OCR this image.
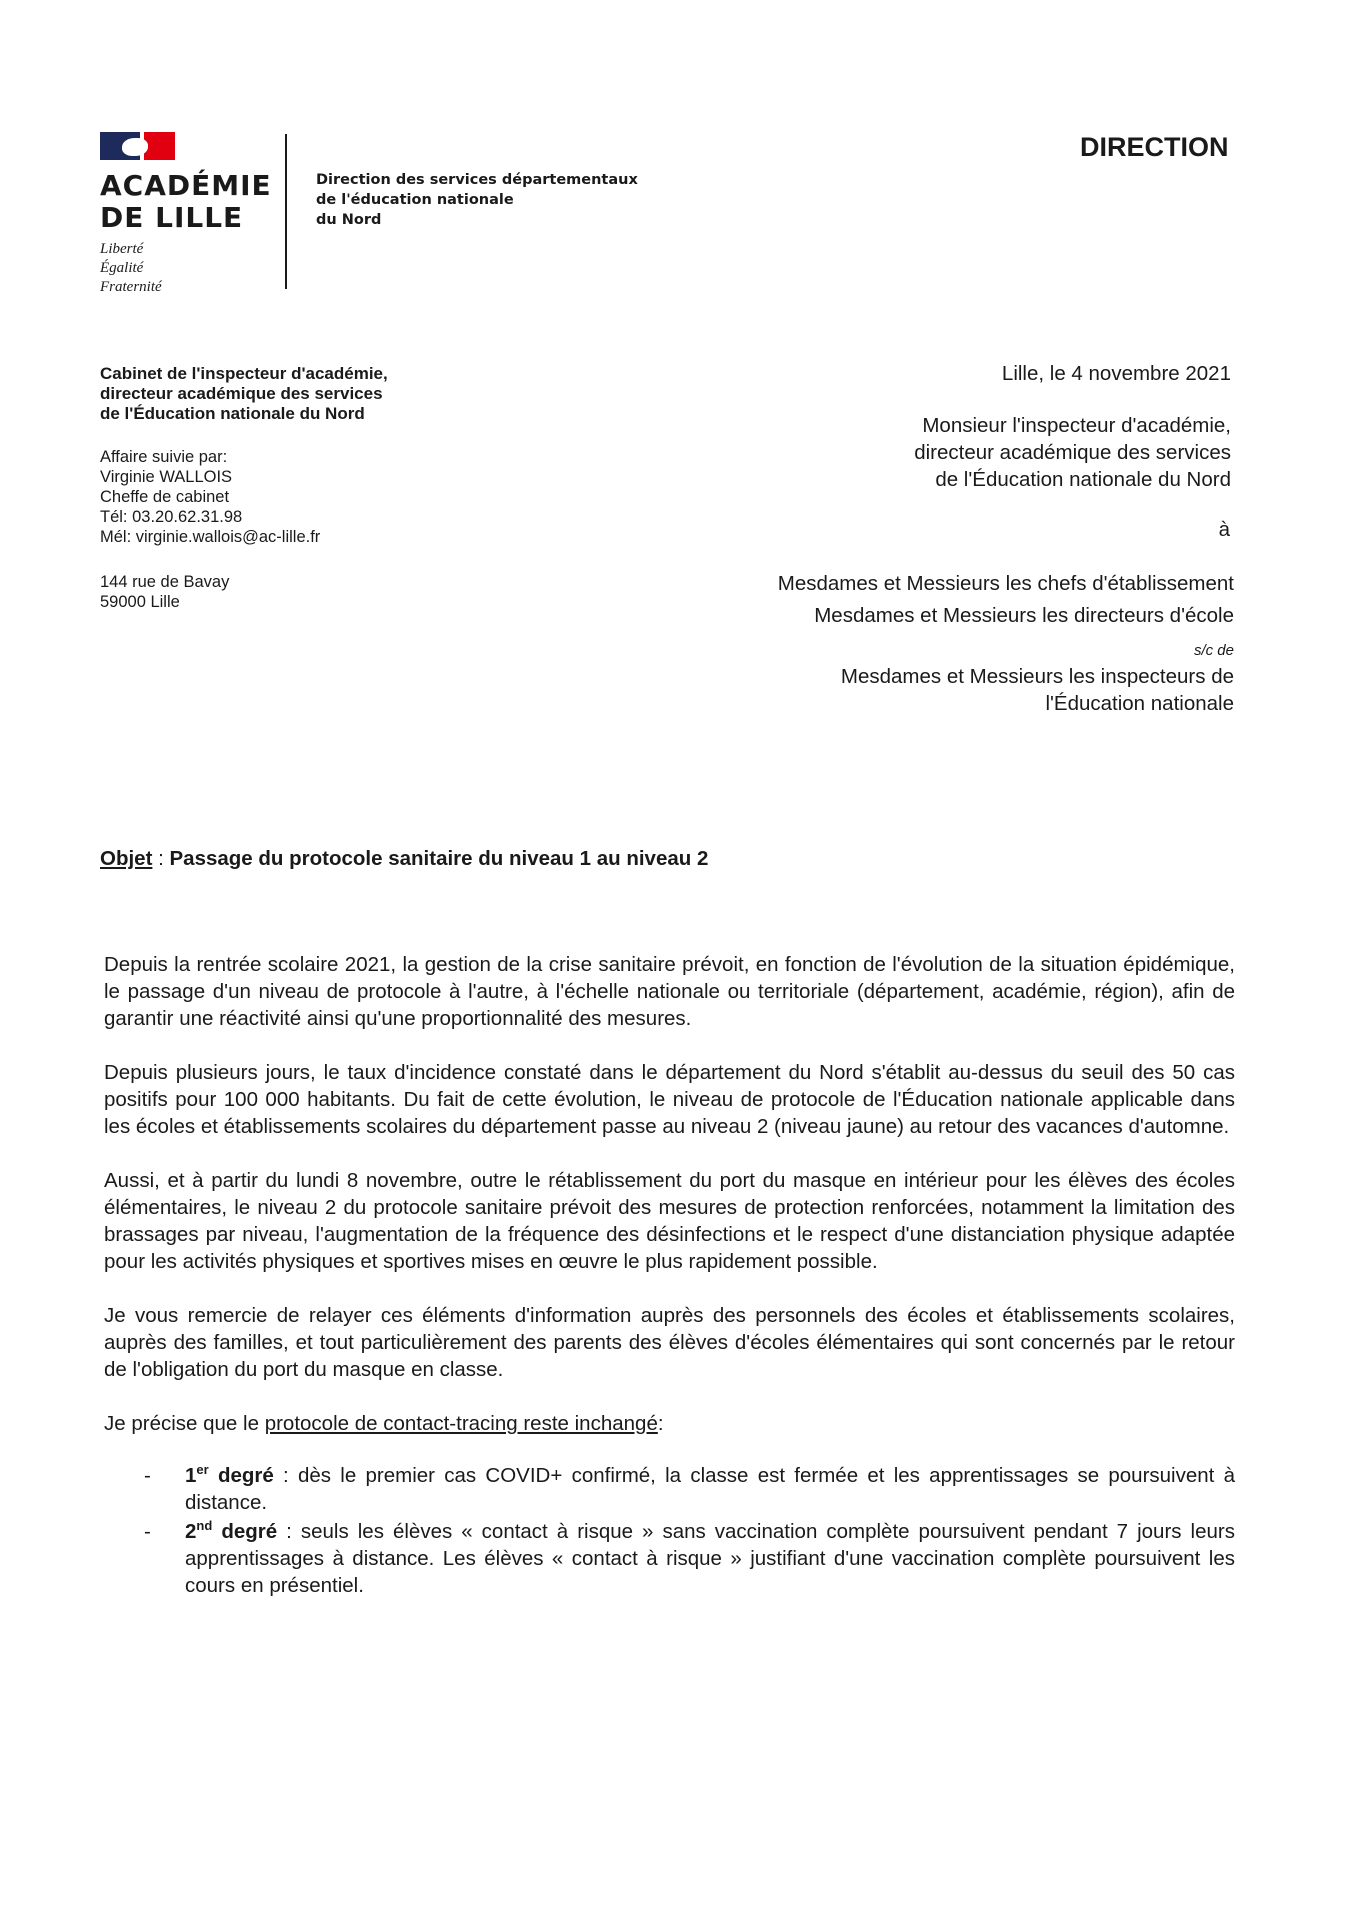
ACADÉMIE
DE LILLE
Liberté
Égalité
Fraternité
Direction des services départementaux
de l'éducation nationale
du Nord
DIRECTION
Cabinet de l'inspecteur d'académie,
directeur académique des services
de l'Éducation nationale du Nord
Affaire suivie par:
Virginie WALLOIS
Cheffe de cabinet
Tél: 03.20.62.31.98
Mél: virginie.wallois@ac-lille.fr
144 rue de Bavay
59000 Lille
Lille, le 4 novembre 2021
Monsieur l'inspecteur d'académie,
directeur académique des services
de l'Éducation nationale du Nord
à
Mesdames et Messieurs les chefs d'établissement
Mesdames et Messieurs les directeurs d'école
s/c de
Mesdames et Messieurs les inspecteurs de
l'Éducation nationale
Objet : Passage du protocole sanitaire du niveau 1 au niveau 2

Depuis la rentrée scolaire 2021, la gestion de la crise sanitaire prévoit, en fonction de l'évolution de la situation épidémique, le passage d'un niveau de protocole à l'autre, à l'échelle nationale ou territoriale (département, académie, région), afin de garantir une réactivité ainsi qu'une proportionnalité des mesures.

Depuis plusieurs jours, le taux d'incidence constaté dans le département du Nord s'établit au-dessus du seuil des 50 cas positifs pour 100 000 habitants. Du fait de cette évolution, le niveau de protocole de l'Éducation nationale applicable dans les écoles et établissements scolaires du département passe au niveau 2 (niveau jaune) au retour des vacances d'automne.

Aussi, et à partir du lundi 8 novembre, outre le rétablissement du port du masque en intérieur pour les élèves des écoles élémentaires, le niveau 2 du protocole sanitaire prévoit des mesures de protection renforcées, notamment la limitation des brassages par niveau, l'augmentation de la fréquence des désinfections et le respect d'une distanciation physique adaptée pour les activités physiques et sportives mises en œuvre le plus rapidement possible.

Je vous remercie de relayer ces éléments d'information auprès des personnels des écoles et établissements scolaires, auprès des familles, et tout particulièrement des parents des élèves d'écoles élémentaires qui sont concernés par le retour de l'obligation du port du masque en classe.

Je précise que le protocole de contact-tracing reste inchangé:

- 1er degré : dès le premier cas COVID+ confirmé, la classe est fermée et les apprentissages se poursuivent à distance.
- 2nd degré : seuls les élèves « contact à risque » sans vaccination complète poursuivent pendant 7 jours leurs apprentissages à distance. Les élèves « contact à risque » justifiant d'une vaccination complète poursuivent les cours en présentiel.
